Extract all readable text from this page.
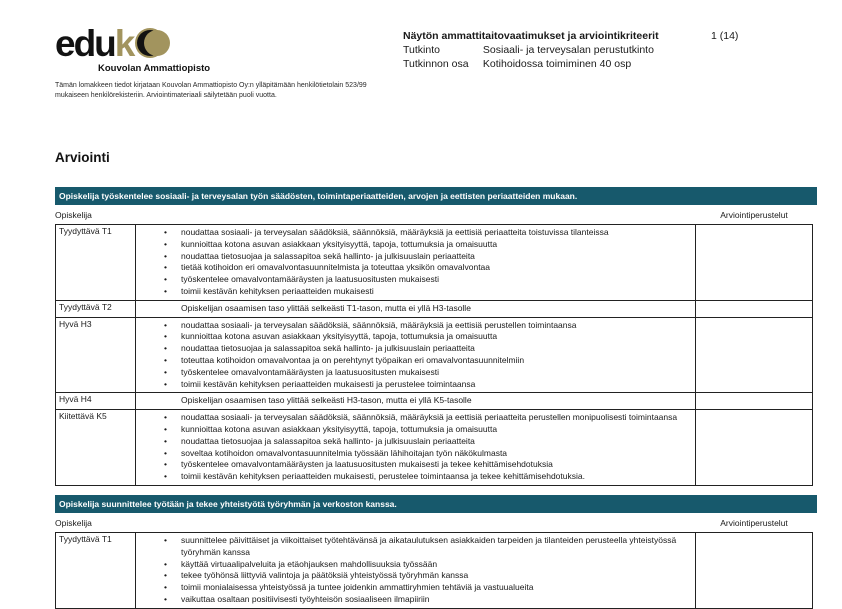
eduk
Kouvolan Ammattiopisto
Tämän lomakkeen tiedot kirjataan Kouvolan Ammattiopisto Oy:n ylläpitämään henkilötietolain 523/99 mukaiseen henkilörekisteriin. Arviointimateriaali säilytetään puoli vuotta.
Näytön ammattitaitovaatimukset ja arviointikriteerit	1 (14)
Tutkinto	Sosiaali- ja terveysalan perustutkinto
Tutkinnon osa Kotihoidossa toimiminen 40 osp
Arviointi
Opiskelija työskentelee sosiaali- ja terveysalan työn säädösten, toimintaperiaatteiden, arvojen ja eettisten periaatteiden mukaan.
Opiskelija	Arviointiperustelut
Tyydyttävä T1	• noudattaa sosiaali- ja terveysalan säädöksiä, säännöksiä, määräyksiä ja eettisiä periaatteita toistuvissa tilanteissa
• kunnioittaa kotona asuvan asiakkaan yksityisyyttä, tapoja, tottumuksia ja omaisuutta
• noudattaa tietosuojaa ja salassapitoa sekä hallinto- ja julkisuuslain periaatteita
• tietää kotihoidon eri omavalvontasuunnitelmista ja toteuttaa yksikön omavalvontaa
• työskentelee omavalvontamääräysten ja laatusuositusten mukaisesti
• toimii kestävän kehityksen periaatteiden mukaisesti
Tyydyttävä T2	Opiskelijan osaamisen taso ylittää selkeästi T1-tason, mutta ei yllä H3-tasolle
Hyvä H3	• noudattaa sosiaali- ja terveysalan säädöksiä, säännöksiä, määräyksiä ja eettisiä perustellen toimintaansa
• kunnioittaa kotona asuvan asiakkaan yksityisyyttä, tapoja, tottumuksia ja omaisuutta
• noudattaa tietosuojaa ja salassapitoa sekä hallinto- ja julkisuuslain periaatteita
• toteuttaa kotihoidon omavalvontaa ja on perehtynyt työpaikan eri omavalvontasuunnitelmiin
• työskentelee omavalvontamääräysten ja laatusuositusten mukaisesti
• toimii kestävän kehityksen periaatteiden mukaisesti ja perustelee toimintaansa
Hyvä H4	Opiskelijan osaamisen taso ylittää selkeästi H3-tason, mutta ei yllä K5-tasolle
Kiitettävä K5	• noudattaa sosiaali- ja terveysalan säädöksiä, säännöksiä, määräyksiä ja eettisiä periaatteita perustellen monipuolisesti toimintaansa
• kunnioittaa kotona asuvan asiakkaan yksityisyyttä, tapoja, tottumuksia ja omaisuutta
• noudattaa tietosuojaa ja salassapitoa sekä hallinto- ja julkisuuslain periaatteita
• soveltaa kotihoidon omavalvontasuunnitelmia työssään lähihoitajan työn näkökulmasta
• työskentelee omavalvontamääräysten ja laatusuositusten mukaisesti ja tekee kehittämisehdotuksia
• toimii kestävän kehityksen periaatteiden mukaisesti, perustelee toimintaansa ja tekee kehittämisehdotuksia.
Opiskelija suunnittelee työtään ja tekee yhteistyötä työryhmän ja verkoston kanssa.
Opiskelija	Arviointiperustelut
Tyydyttävä T1	• suunnittelee päivittäiset ja viikoittaiset työtehtävänsä ja aikataulutuksen asiakkaiden tarpeiden ja tilanteiden perusteella yhteistyössä työryhmän kanssa
• käyttää virtuaalipalveluita ja etäohjauksen mahdollisuuksia työssään
• tekee työhönsä liittyviä valintoja ja päätöksiä yhteistyössä työryhmän kanssa
• toimii monialaisessa yhteistyössä ja tuntee joidenkin ammattiryhmien tehtäviä ja vastuualueita
• vaikuttaa osaltaan positiivisesti työyhteisön sosiaaliseen ilmapiiriin
